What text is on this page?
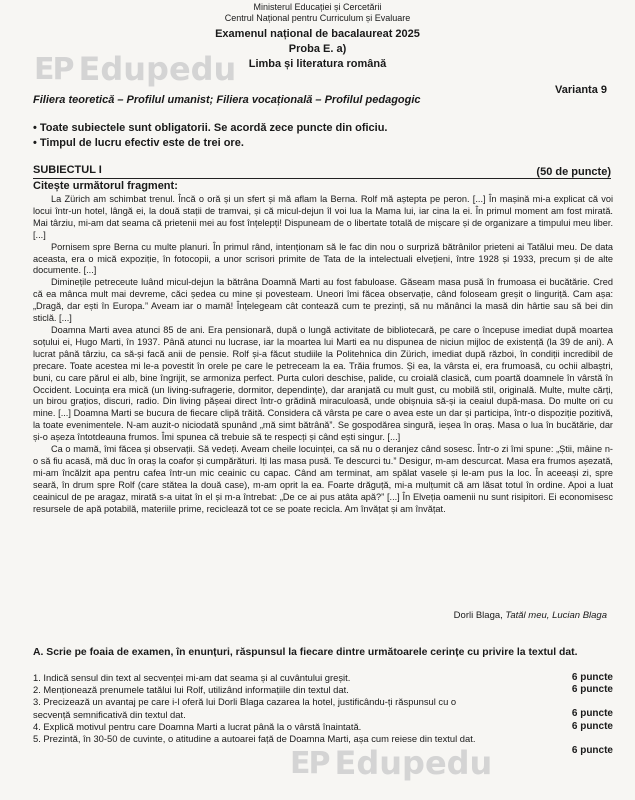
Ministerul Educației și Cercetării
Centrul Național pentru Curriculum și Evaluare
Examenul național de bacalaureat 2025
Proba E. a)
Limba și literatura română
Varianta 9
Filiera teoretică – Profilul umanist; Filiera vocațională – Profilul pedagogic
• Toate subiectele sunt obligatorii. Se acordă zece puncte din oficiu.
• Timpul de lucru efectiv este de trei ore.
SUBIECTUL I	(50 de puncte)
Citește următorul fragment:

La Zürich am schimbat trenul. Încă o oră și un sfert și mă aflam la Berna. Rolf mă aștepta pe peron. [...] În mașină mi-a explicat că voi locui într-un hotel, lângă ei, la două stații de tramvai, și că micul-dejun îl voi lua la Mama lui, iar cina la ei. În primul moment am fost mirată. Mai târziu, mi-am dat seama că prietenii mei au fost înțelepți! Dispuneam de o libertate totală de mișcare și de organizare a timpului meu liber. [...]

Pornisem spre Berna cu multe planuri. În primul rând, intenționam să le fac din nou o surpriză bătrânilor prieteni ai Tatălui meu. De data aceasta, era o mică expoziție, în fotocopii, a unor scrisori primite de Tata de la intelectuali elvețieni, între 1928 și 1933, precum și de alte documente. [...]

Diminețile petreceute luând micul-dejun la bătrâna Doamnă Marti au fost fabuloase. Găseam masa pusă în frumoasa ei bucătărie. Cred că ea mânca mult mai devreme, căci ședea cu mine și povesteam. Uneori îmi făcea observație, când foloseam greșit o linguriță. Cam așa: „Dragă, dar ești în Europa.” Aveam iar o mamă! Înțelegeam cât contează cum te prezinți, să nu mănânci la masă din hârtie sau să bei din sticlă. [...]

Doamna Marti avea atunci 85 de ani. Era pensionară, după o lungă activitate de bibliotecară, pe care o începuse imediat după moartea soțului ei, Hugo Marti, în 1937. Până atunci nu lucrase, iar la moartea lui Marti ea nu dispunea de niciun mijloc de existență (la 39 de ani). A lucrat până târziu, ca să-și facă anii de pensie. Rolf și-a făcut studiile la Politehnica din Zürich, imediat după război, în condiții incredibil de precare. Toate acestea mi le-a povestit în orele pe care le petreceam la ea. Trăia frumos. Și ea, la vârsta ei, era frumoasă, cu ochii albaștri, buni, cu care părul ei alb, bine îngrijit, se armoniza perfect. Purta culori deschise, palide, cu croială clasică, cum poartă doamnele în vârstă în Occident. Locuința era mică (un living-sufragerie, dormitor, dependințe), dar aranjată cu mult gust, cu mobilă stil, originală. Multe, multe cărți, un birou grațios, discuri, radio. Din living pășeai direct într-o grădină miraculoasă, unde obișnuia să-și ia ceaiul după-masa. Do multe ori cu mine. [...] Doamna Marti se bucura de fiecare clipă trăită. Considera că vârsta pe care o avea este un dar și participa, într-o dispoziție pozitivă, la toate evenimentele. N-am auzit-o niciodată spunând „mă simt bătrână”. Se gospodărea singură, ieșea în oraș. Masa o lua în bucătărie, dar și-o așeza întotdeauna frumos. Îmi spunea că trebuie să te respecți și când ești singur. [...]

Ca o mamă, îmi făcea și observații. Să vedeți. Aveam cheile locuinței, ca să nu o deranjez când sosesc. Într-o zi îmi spune: „Știi, mâine n-o să fiu acasă, mă duc în oraș la coafor și cumpărături. Iți las masa pusă. Te descurci tu.” Desigur, m-am descurcat. Masa era frumos așezată, mi-am încălzit apa pentru cafea într-un mic ceainic cu capac. Când am terminat, am spălat vasele și le-am pus la loc. În aceeași zi, spre seară, în drum spre Rolf (care stătea la două case), m-am oprit la ea. Foarte drăguță, mi-a mulțumit că am lăsat totul în ordine. Apoi a luat ceainicul de pe aragaz, mirată s-a uitat în el și m-a întrebat: „De ce ai pus atâta apă?” [...] În Elveția oamenii nu sunt risipitori. Ei economisesc resursele de apă potabilă, materiile prime, reciclează tot ce se poate recicla. Am învățat și am învățat.

Dorli Blaga, Tatăl meu, Lucian Blaga
A. Scrie pe foaia de examen, în enunțuri, răspunsul la fiecare dintre următoarele cerințe cu privire la textul dat.
1. Indică sensul din text al secvenței mi-am dat seama și al cuvântului greșit.	6 puncte
2. Menționează prenumele tatălui lui Rolf, utilizând informațiile din textul dat.	6 puncte
3. Precizează un avantaj pe care i-l oferă lui Dorli Blaga cazarea la hotel, justificându-ți răspunsul cu o
secvență semnificativă din textul dat.	6 puncte
4. Explică motivul pentru care Doamna Marti a lucrat până la o vârstă înaintată.	6 puncte
5. Prezintă, în 30-50 de cuvinte, o atitudine a autoarei față de Doamna Marti, așa cum reiese din textul dat.
6 puncte
ЕР Edupedu
ЕР Edupedu
